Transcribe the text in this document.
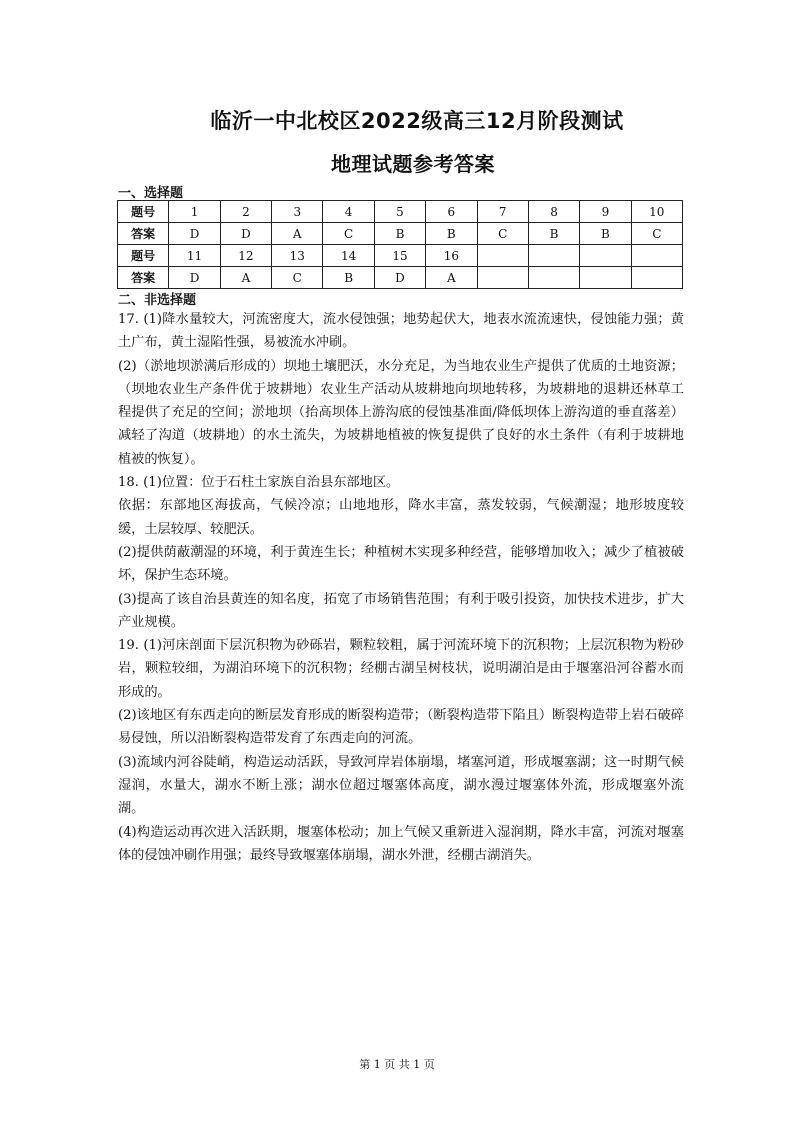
临沂一中北校区2022级高三12月阶段测试
地理试题参考答案
一、选择题
题号	1	2	3	4	5	6	7	8	9	10
答案	D	D	A	C	B	B	C	B	B	C
题号	11	12	13	14	15	16				
答案	D	A	C	B	D	A				
二、非选择题

17. (1)降水量较大，河流密度大，流水侵蚀强；地势起伏大，地表水流流速快，侵蚀能力强；黄土广布，黄土湿陷性强，易被流水冲刷。

(2)（淤地坝淤满后形成的）坝地土壤肥沃，水分充足，为当地农业生产提供了优质的土地资源；（坝地农业生产条件优于坡耕地）农业生产活动从坡耕地向坝地转移，为坡耕地的退耕还林草工程提供了充足的空间；淤地坝（抬高坝体上游沟底的侵蚀基准面/降低坝体上游沟道的垂直落差）减轻了沟道（坡耕地）的水土流失，为坡耕地植被的恢复提供了良好的水土条件（有利于坡耕地植被的恢复）。

18. (1)位置：位于石柱土家族自治县东部地区。

依据：东部地区海拔高，气候冷凉；山地地形，降水丰富，蒸发较弱，气候潮湿；地形坡度较缓，土层较厚、较肥沃。

(2)提供荫蔽潮湿的环境，利于黄连生长；种植树木实现多种经营，能够增加收入；减少了植被破坏，保护生态环境。

(3)提高了该自治县黄连的知名度，拓宽了市场销售范围；有利于吸引投资，加快技术进步，扩大产业规模。

19. (1)河床剖面下层沉积物为砂砾岩，颗粒较粗，属于河流环境下的沉积物；上层沉积物为粉砂岩，颗粒较细，为湖泊环境下的沉积物；经棚古湖呈树枝状，说明湖泊是由于堰塞沿河谷蓄水而形成的。

(2)该地区有东西走向的断层发育形成的断裂构造带；（断裂构造带下陷且）断裂构造带上岩石破碎易侵蚀，所以沿断裂构造带发育了东西走向的河流。

(3)流域内河谷陡峭，构造运动活跃，导致河岸岩体崩塌，堵塞河道，形成堰塞湖；这一时期气候湿润，水量大，湖水不断上涨；湖水位超过堰塞体高度，湖水漫过堰塞体外流，形成堰塞外流湖。

(4)构造运动再次进入活跃期，堰塞体松动；加上气候又重新进入湿润期，降水丰富，河流对堰塞体的侵蚀冲刷作用强；最终导致堰塞体崩塌，湖水外泄，经棚古湖消失。

第 1 页 共 1 页
